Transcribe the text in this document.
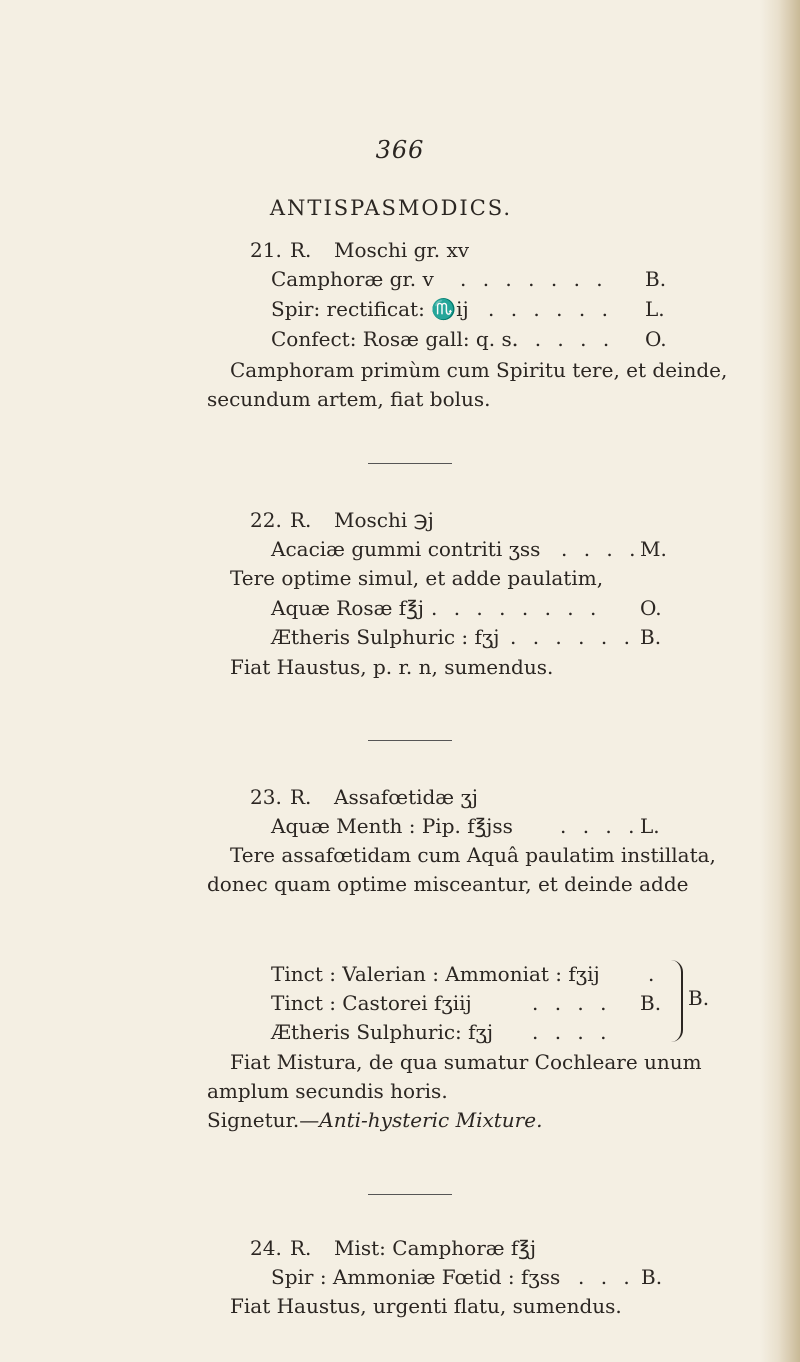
366
ANTISPASMODICS.
21. R. Moschi gr. xv
Camphoræ gr. v . . . . . . . B.
Spir: rectificat: ♏ij . . . . . . L.
Confect: Rosæ gall: q. s.
. . . . . O.
Camphoram primùm cum Spiritu tere, et deinde,
secundum artem, fiat bolus.
22. R. Moschi ℈j
Acaciæ gummi contriti ʒss . . . . M.
Tere optime simul, et adde paulatim,
Aquæ Rosæ f℥j . . . . . . . . O.
Ætheris Sulphuric : fʒj . . . . . . B.
Fiat Haustus, p. r. n, sumendus.
23. R. Assafœtidæ ʒj
Aquæ Menth : Pip. f℥jss . . . . L.
Tere assafœtidam cum Aquâ paulatim instillata,
donec quam optime misceantur, et deinde adde
Tinct : Valerian : Ammoniat : fʒij .
Tinct : Castorei fʒiij	. . . . B.
Ætheris Sulphuric: fʒj . . . .
B.
Fiat Mistura, de qua sumatur Cochleare unum
amplum secundis horis.
Signetur.—Anti-hysteric Mixture.
24. R. Mist: Camphoræ f℥j
Spir : Ammoniæ Fœtid : fʒss . . . B.
Fiat Haustus, urgenti flatu, sumendus.
